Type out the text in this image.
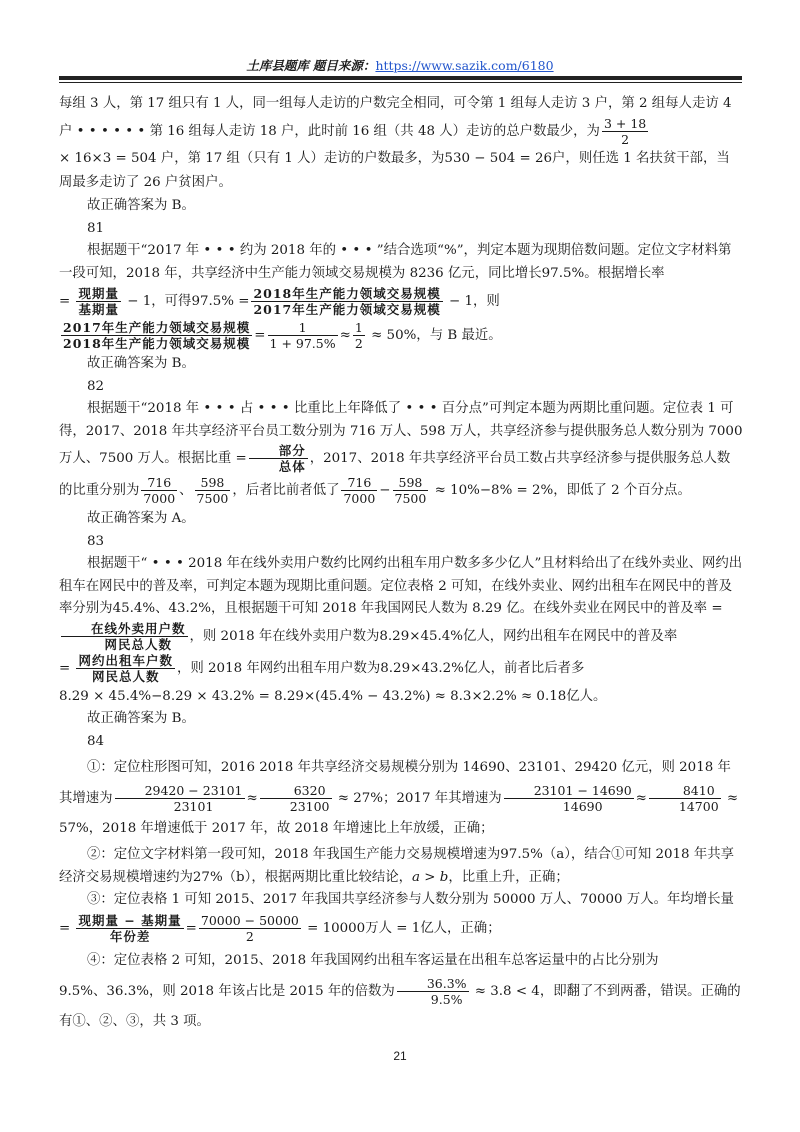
土库县题库 题目来源：https://www.sazik.com/6180

每组 3 人，第 17 组只有 1 人，同一组每人走访的户数完全相同，可令第 1 组每人走访 3 户，第 2 组每人走访 4 户 • • • • • • 第 16 组每人走访 18 户，此时前 16 组（共 48 人）走访的总户数最少，为 $\frac{3 + 18}{2}$
× 16×3 = 504 户，第 17 组（只有 1 人）走访的户数最多，为530 − 504 = 26户，则任选 1 名扶贫干部，当周最多走访了 26 户贫困户。

故正确答案为 B。

81

根据题干“2017 年 • • • 约为 2018 年的 • • • ”结合选项“%”，判定本题为现期倍数问题。定位文字材料第一段可知，2018 年，共享经济中生产能力领域交易规模为 8236 亿元，同比增长97.5%。根据增长率

= $\frac{\text{现期量}}{\text{基期量}} - 1$，可得$97.5\% = \frac{\text{2018年生产能力领域交易规模}}{\text{2017年生产能力领域交易规模}} - 1$，则

$\frac{\text{2017年生产能力领域交易规模}}{\text{2018年生产能力领域交易规模}} = \frac{1}{1 + 97.5\%} \approx \frac{1}{2} \approx 50\%$，与 B 最近。

故正确答案为 B。

82

根据题干“2018 年 • • • 占 • • • 比重比上年降低了 • • • 百分点”可判定本题为两期比重问题。定位表 1 可得，2017、2018 年共享经济平台员工数分别为 716 万人、598 万人，共享经济参与提供服务总人数分别为 7000 万人、7500 万人。根据比重 = $\frac{\text{部分}}{\text{总体}}$ ，2017、2018 年共享经济平台员工数占共享经济参与提供服务总人数

的比重分别为 $\frac{716}{7000}$ 、 $\frac{598}{7500}$ ，后者比前者低了 $\frac{716}{7000} - \frac{598}{7500} \approx 10\%-8\% = 2\%$，即低了 2 个百分点。

故正确答案为 A。

83

根据题干“ • • • 2018 年在线外卖用户数约比网约出租车用户数多多少亿人”且材料给出了在线外卖业、网约出租车在网民中的普及率，可判定本题为现期比重问题。定位表格 2 可知，在线外卖业、网约出租车在网民中的普及率分别为45.4%、43.2%，且根据题干可知 2018 年我国网民人数为 8.29 亿。在线外卖业在网民中的普及率 =
$\frac{\text{在线外卖用户数}}{\text{网民总人数}}$ ，则 2018 年在线外卖用户数为8.29×45.4%亿人，网约出租车在网民中的普及率

= $\frac{\text{网约出租车户数}}{\text{网民总人数}}$ ，则 2018 年网约出租车用户数为8.29×43.2%亿人，前者比后者多

8.29 × 45.4%−8.29 × 43.2% = 8.29×(45.4% − 43.2%) ≈ 8.3×2.2% ≈ 0.18亿人。

故正确答案为 B。

84

①：定位柱形图可知，2016 2018 年共享经济交易规模分别为 14690、23101、29420 亿元，则 2018 年其增速为 $\frac{29420 - 23101}{23101} \approx \frac{6320}{23100} \approx 27\%$；2017 年其增速为 $\frac{23101 - 14690}{14690} \approx \frac{8410}{14700} \approx 57\%$，2018 年增速低于 2017 年，故 2018 年增速比上年放缓，正确；

②：定位文字材料第一段可知，2018 年我国生产能力交易规模增速为97.5%（a），结合①可知 2018 年共享经济交易规模增速约为27%（b），根据两期比重比较结论，a > b，比重上升，正确；

③：定位表格 1 可知 2015、2017 年我国共享经济参与人数分别为 50000 万人、70000 万人。年均增长量

= $\frac{\text{现期量 − 基期量}}{\text{年份差}} = \frac{70000 - 50000}{2} = 10000$万人 = 1亿人，正确；

④：定位表格 2 可知，2015、2018 年我国网约出租车客运量在出租车总客运量中的占比分别为9.5%、36.3%，则 2018 年该占比是 2015 年的倍数为 $\frac{36.3\%}{9.5\%} \approx 3.8 < 4$，即翻了不到两番，错误。正确的有①、②、③，共 3 项。

21
